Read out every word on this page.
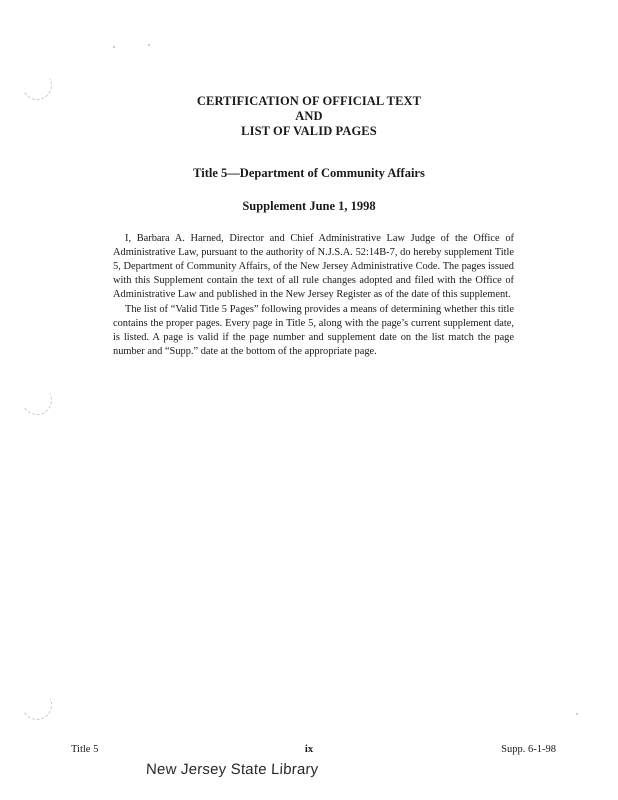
CERTIFICATION OF OFFICIAL TEXT
AND
LIST OF VALID PAGES
Title 5—Department of Community Affairs
Supplement June 1, 1998

I, Barbara A. Harned, Director and Chief Administrative Law Judge of the Office of Administrative Law, pursuant to the authority of N.J.S.A. 52:14B-7, do hereby supplement Title 5, Department of Community Affairs, of the New Jersey Administrative Code. The pages issued with this Supplement contain the text of all rule changes adopted and filed with the Office of Administrative Law and published in the New Jersey Register as of the date of this supplement.

The list of “Valid Title 5 Pages” following provides a means of determining whether this title contains the proper pages. Every page in Title 5, along with the page’s current supplement date, is listed. A page is valid if the page number and supplement date on the list match the page number and “Supp.” date at the bottom of the appropriate page.

Title 5	ix	Supp. 6-1-98
New Jersey State Library
